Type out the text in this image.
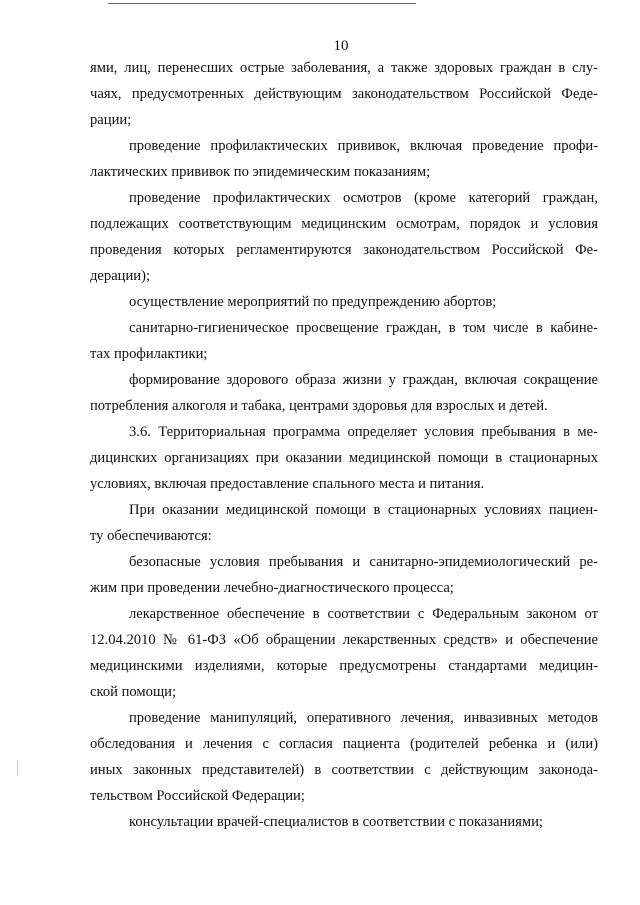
10
ями, лиц, перенесших острые заболевания, а также здоровых граждан в слу-
чаях, предусмотренных действующим законодательством Российской Феде-
рации;
проведение профилактических прививок, включая проведение профи-
лактических прививок по эпидемическим показаниям;
проведение профилактических осмотров (кроме категорий граждан,
подлежащих соответствующим медицинским осмотрам, порядок и условия
проведения которых регламентируются законодательством Российской Фе-
дерации);
осуществление мероприятий по предупреждению абортов;
санитарно-гигиеническое просвещение граждан, в том числе в кабине-
тах профилактики;
формирование здорового образа жизни у граждан, включая сокращение
потребления алкоголя и табака, центрами здоровья для взрослых и детей.
3.6. Территориальная программа определяет условия пребывания в ме-
дицинских организациях при оказании медицинской помощи в стационарных
условиях, включая предоставление спального места и питания.
При оказании медицинской помощи в стационарных условиях пациен-
ту обеспечиваются:
безопасные условия пребывания и санитарно-эпидемиологический ре-
жим при проведении лечебно-диагностического процесса;
лекарственное обеспечение в соответствии с Федеральным законом от
12.04.2010 № 61-ФЗ «Об обращении лекарственных средств» и обеспечение
медицинскими изделиями, которые предусмотрены стандартами медицин-
ской помощи;
проведение манипуляций, оперативного лечения, инвазивных методов
обследования и лечения с согласия пациента (родителей ребенка и (или)
иных законных представителей) в соответствии с действующим законода-
тельством Российской Федерации;
консультации врачей-специалистов в соответствии с показаниями;
